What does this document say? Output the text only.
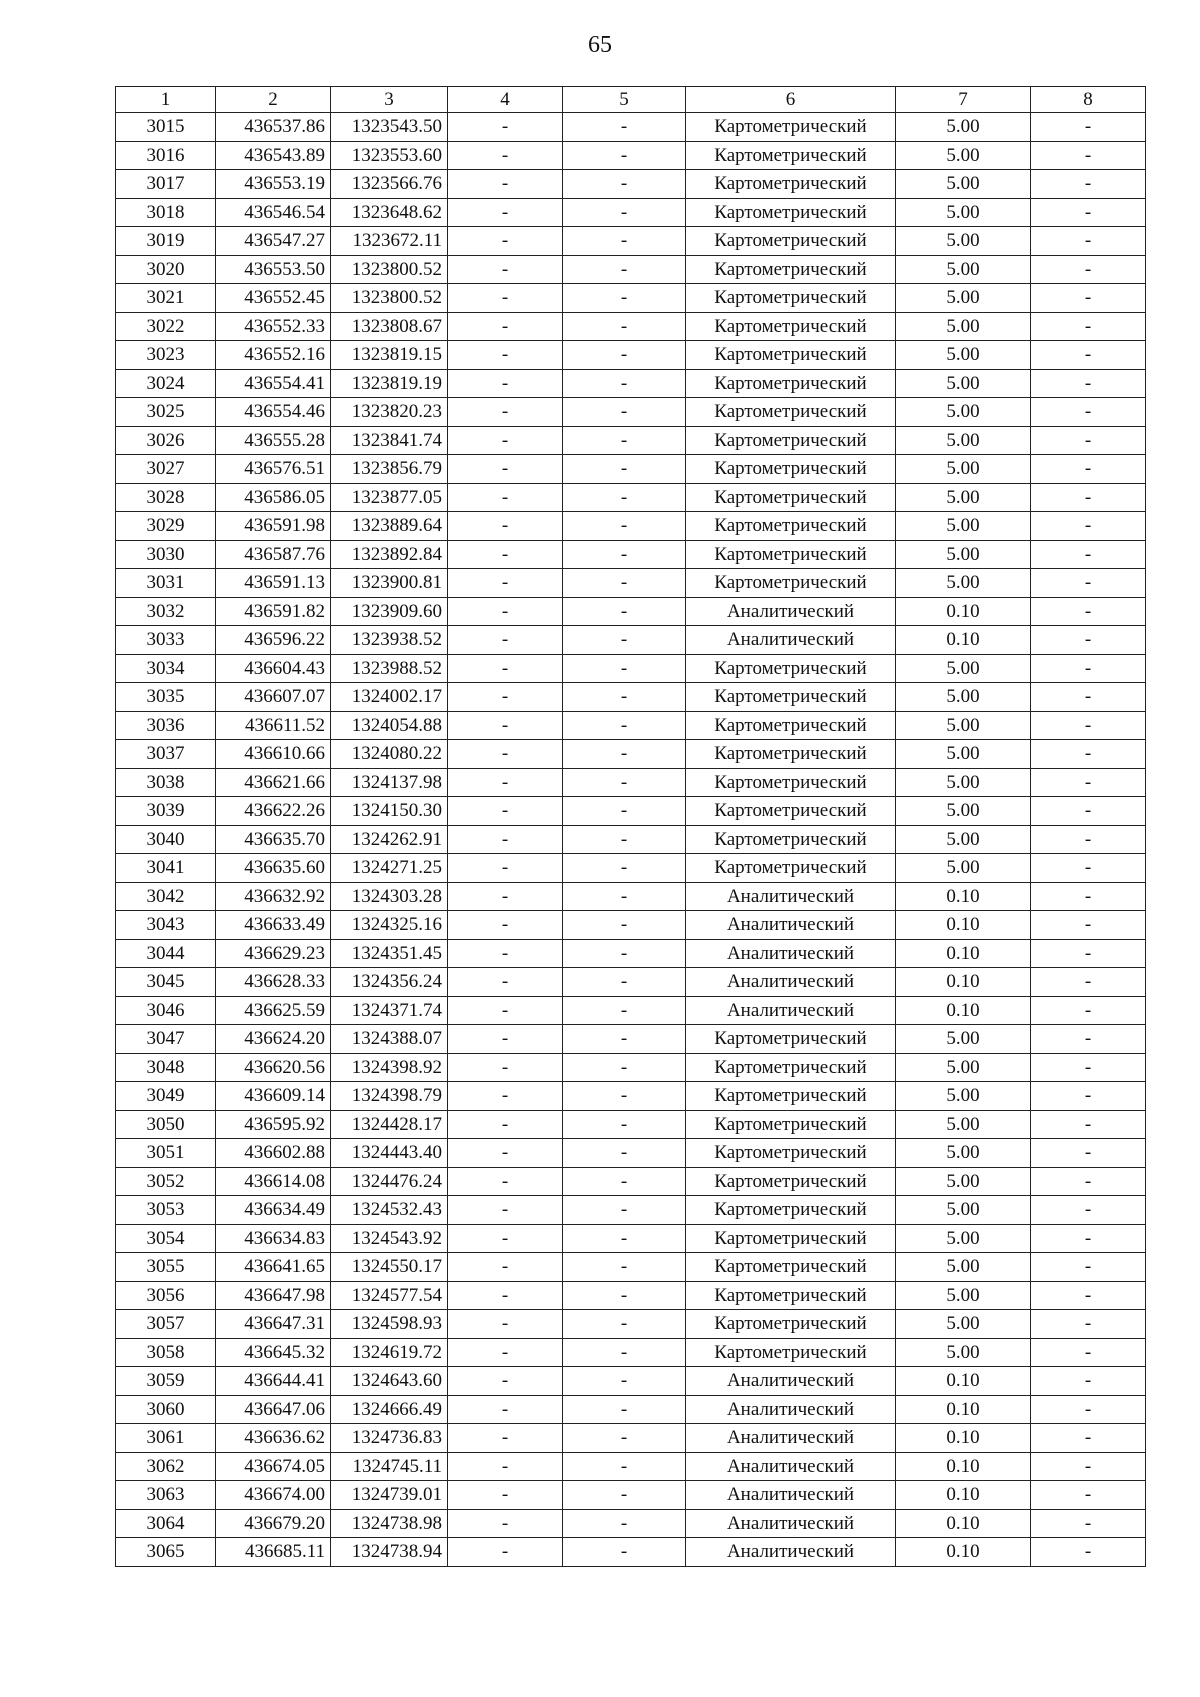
65
1	2	3	4	5	6	7	8
3015	436537.86	1323543.50	-	-	Картометрический	5.00	-
3016	436543.89	1323553.60	-	-	Картометрический	5.00	-
3017	436553.19	1323566.76	-	-	Картометрический	5.00	-
3018	436546.54	1323648.62	-	-	Картометрический	5.00	-
3019	436547.27	1323672.11	-	-	Картометрический	5.00	-
3020	436553.50	1323800.52	-	-	Картометрический	5.00	-
3021	436552.45	1323800.52	-	-	Картометрический	5.00	-
3022	436552.33	1323808.67	-	-	Картометрический	5.00	-
3023	436552.16	1323819.15	-	-	Картометрический	5.00	-
3024	436554.41	1323819.19	-	-	Картометрический	5.00	-
3025	436554.46	1323820.23	-	-	Картометрический	5.00	-
3026	436555.28	1323841.74	-	-	Картометрический	5.00	-
3027	436576.51	1323856.79	-	-	Картометрический	5.00	-
3028	436586.05	1323877.05	-	-	Картометрический	5.00	-
3029	436591.98	1323889.64	-	-	Картометрический	5.00	-
3030	436587.76	1323892.84	-	-	Картометрический	5.00	-
3031	436591.13	1323900.81	-	-	Картометрический	5.00	-
3032	436591.82	1323909.60	-	-	Аналитический	0.10	-
3033	436596.22	1323938.52	-	-	Аналитический	0.10	-
3034	436604.43	1323988.52	-	-	Картометрический	5.00	-
3035	436607.07	1324002.17	-	-	Картометрический	5.00	-
3036	436611.52	1324054.88	-	-	Картометрический	5.00	-
3037	436610.66	1324080.22	-	-	Картометрический	5.00	-
3038	436621.66	1324137.98	-	-	Картометрический	5.00	-
3039	436622.26	1324150.30	-	-	Картометрический	5.00	-
3040	436635.70	1324262.91	-	-	Картометрический	5.00	-
3041	436635.60	1324271.25	-	-	Картометрический	5.00	-
3042	436632.92	1324303.28	-	-	Аналитический	0.10	-
3043	436633.49	1324325.16	-	-	Аналитический	0.10	-
3044	436629.23	1324351.45	-	-	Аналитический	0.10	-
3045	436628.33	1324356.24	-	-	Аналитический	0.10	-
3046	436625.59	1324371.74	-	-	Аналитический	0.10	-
3047	436624.20	1324388.07	-	-	Картометрический	5.00	-
3048	436620.56	1324398.92	-	-	Картометрический	5.00	-
3049	436609.14	1324398.79	-	-	Картометрический	5.00	-
3050	436595.92	1324428.17	-	-	Картометрический	5.00	-
3051	436602.88	1324443.40	-	-	Картометрический	5.00	-
3052	436614.08	1324476.24	-	-	Картометрический	5.00	-
3053	436634.49	1324532.43	-	-	Картометрический	5.00	-
3054	436634.83	1324543.92	-	-	Картометрический	5.00	-
3055	436641.65	1324550.17	-	-	Картометрический	5.00	-
3056	436647.98	1324577.54	-	-	Картометрический	5.00	-
3057	436647.31	1324598.93	-	-	Картометрический	5.00	-
3058	436645.32	1324619.72	-	-	Картометрический	5.00	-
3059	436644.41	1324643.60	-	-	Аналитический	0.10	-
3060	436647.06	1324666.49	-	-	Аналитический	0.10	-
3061	436636.62	1324736.83	-	-	Аналитический	0.10	-
3062	436674.05	1324745.11	-	-	Аналитический	0.10	-
3063	436674.00	1324739.01	-	-	Аналитический	0.10	-
3064	436679.20	1324738.98	-	-	Аналитический	0.10	-
3065	436685.11	1324738.94	-	-	Аналитический	0.10	-
